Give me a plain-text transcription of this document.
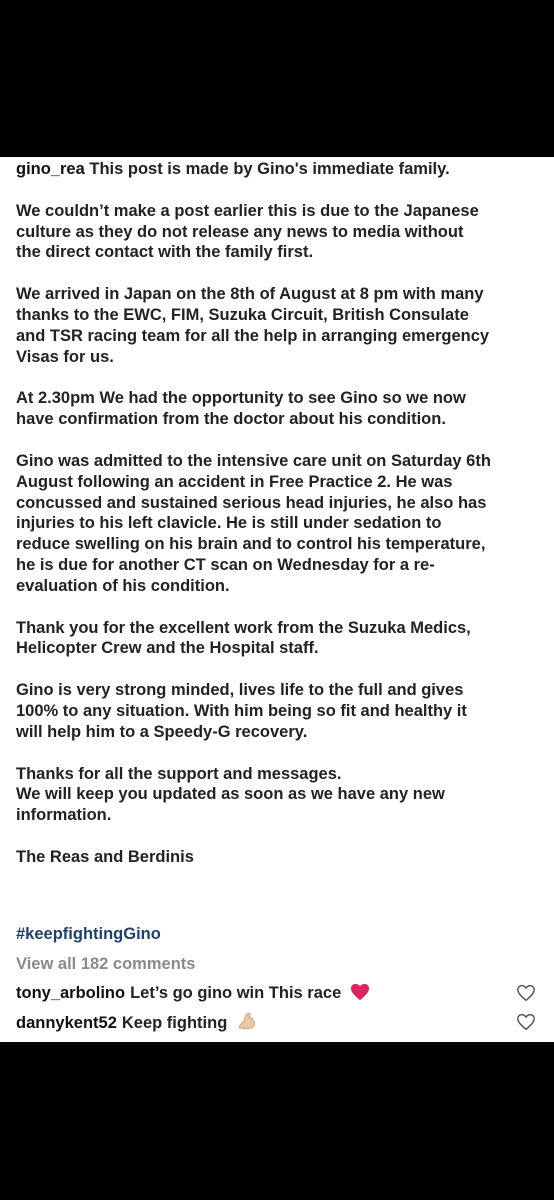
gino_rea This post is made by Gino's immediate family.

We couldn’t make a post earlier this is due to the Japanese
culture as they do not release any news to media without
the direct contact with the family first.

We arrived in Japan on the 8th of August at 8 pm with many
thanks to the EWC, FIM, Suzuka Circuit, British Consulate
and TSR racing team for all the help in arranging emergency
Visas for us.

At 2.30pm We had the opportunity to see Gino so we now
have confirmation from the doctor about his condition.

Gino was admitted to the intensive care unit on Saturday 6th
August following an accident in Free Practice 2. He was
concussed and sustained serious head injuries, he also has
injuries to his left clavicle. He is still under sedation to
reduce swelling on his brain and to control his temperature,
he is due for another CT scan on Wednesday for a re-
evaluation of his condition.

Thank you for the excellent work from the Suzuka Medics,
Helicopter Crew and the Hospital staff.

Gino is very strong minded, lives life to the full and gives
100% to any situation. With him being so fit and healthy it
will help him to a Speedy-G recovery.

Thanks for all the support and messages.
We will keep you updated as soon as we have any new
information.

The Reas and Berdinis

#keepfightingGino
View all 182 comments
tony_arbolino Let’s go gino win This race
dannykent52 Keep fighting
